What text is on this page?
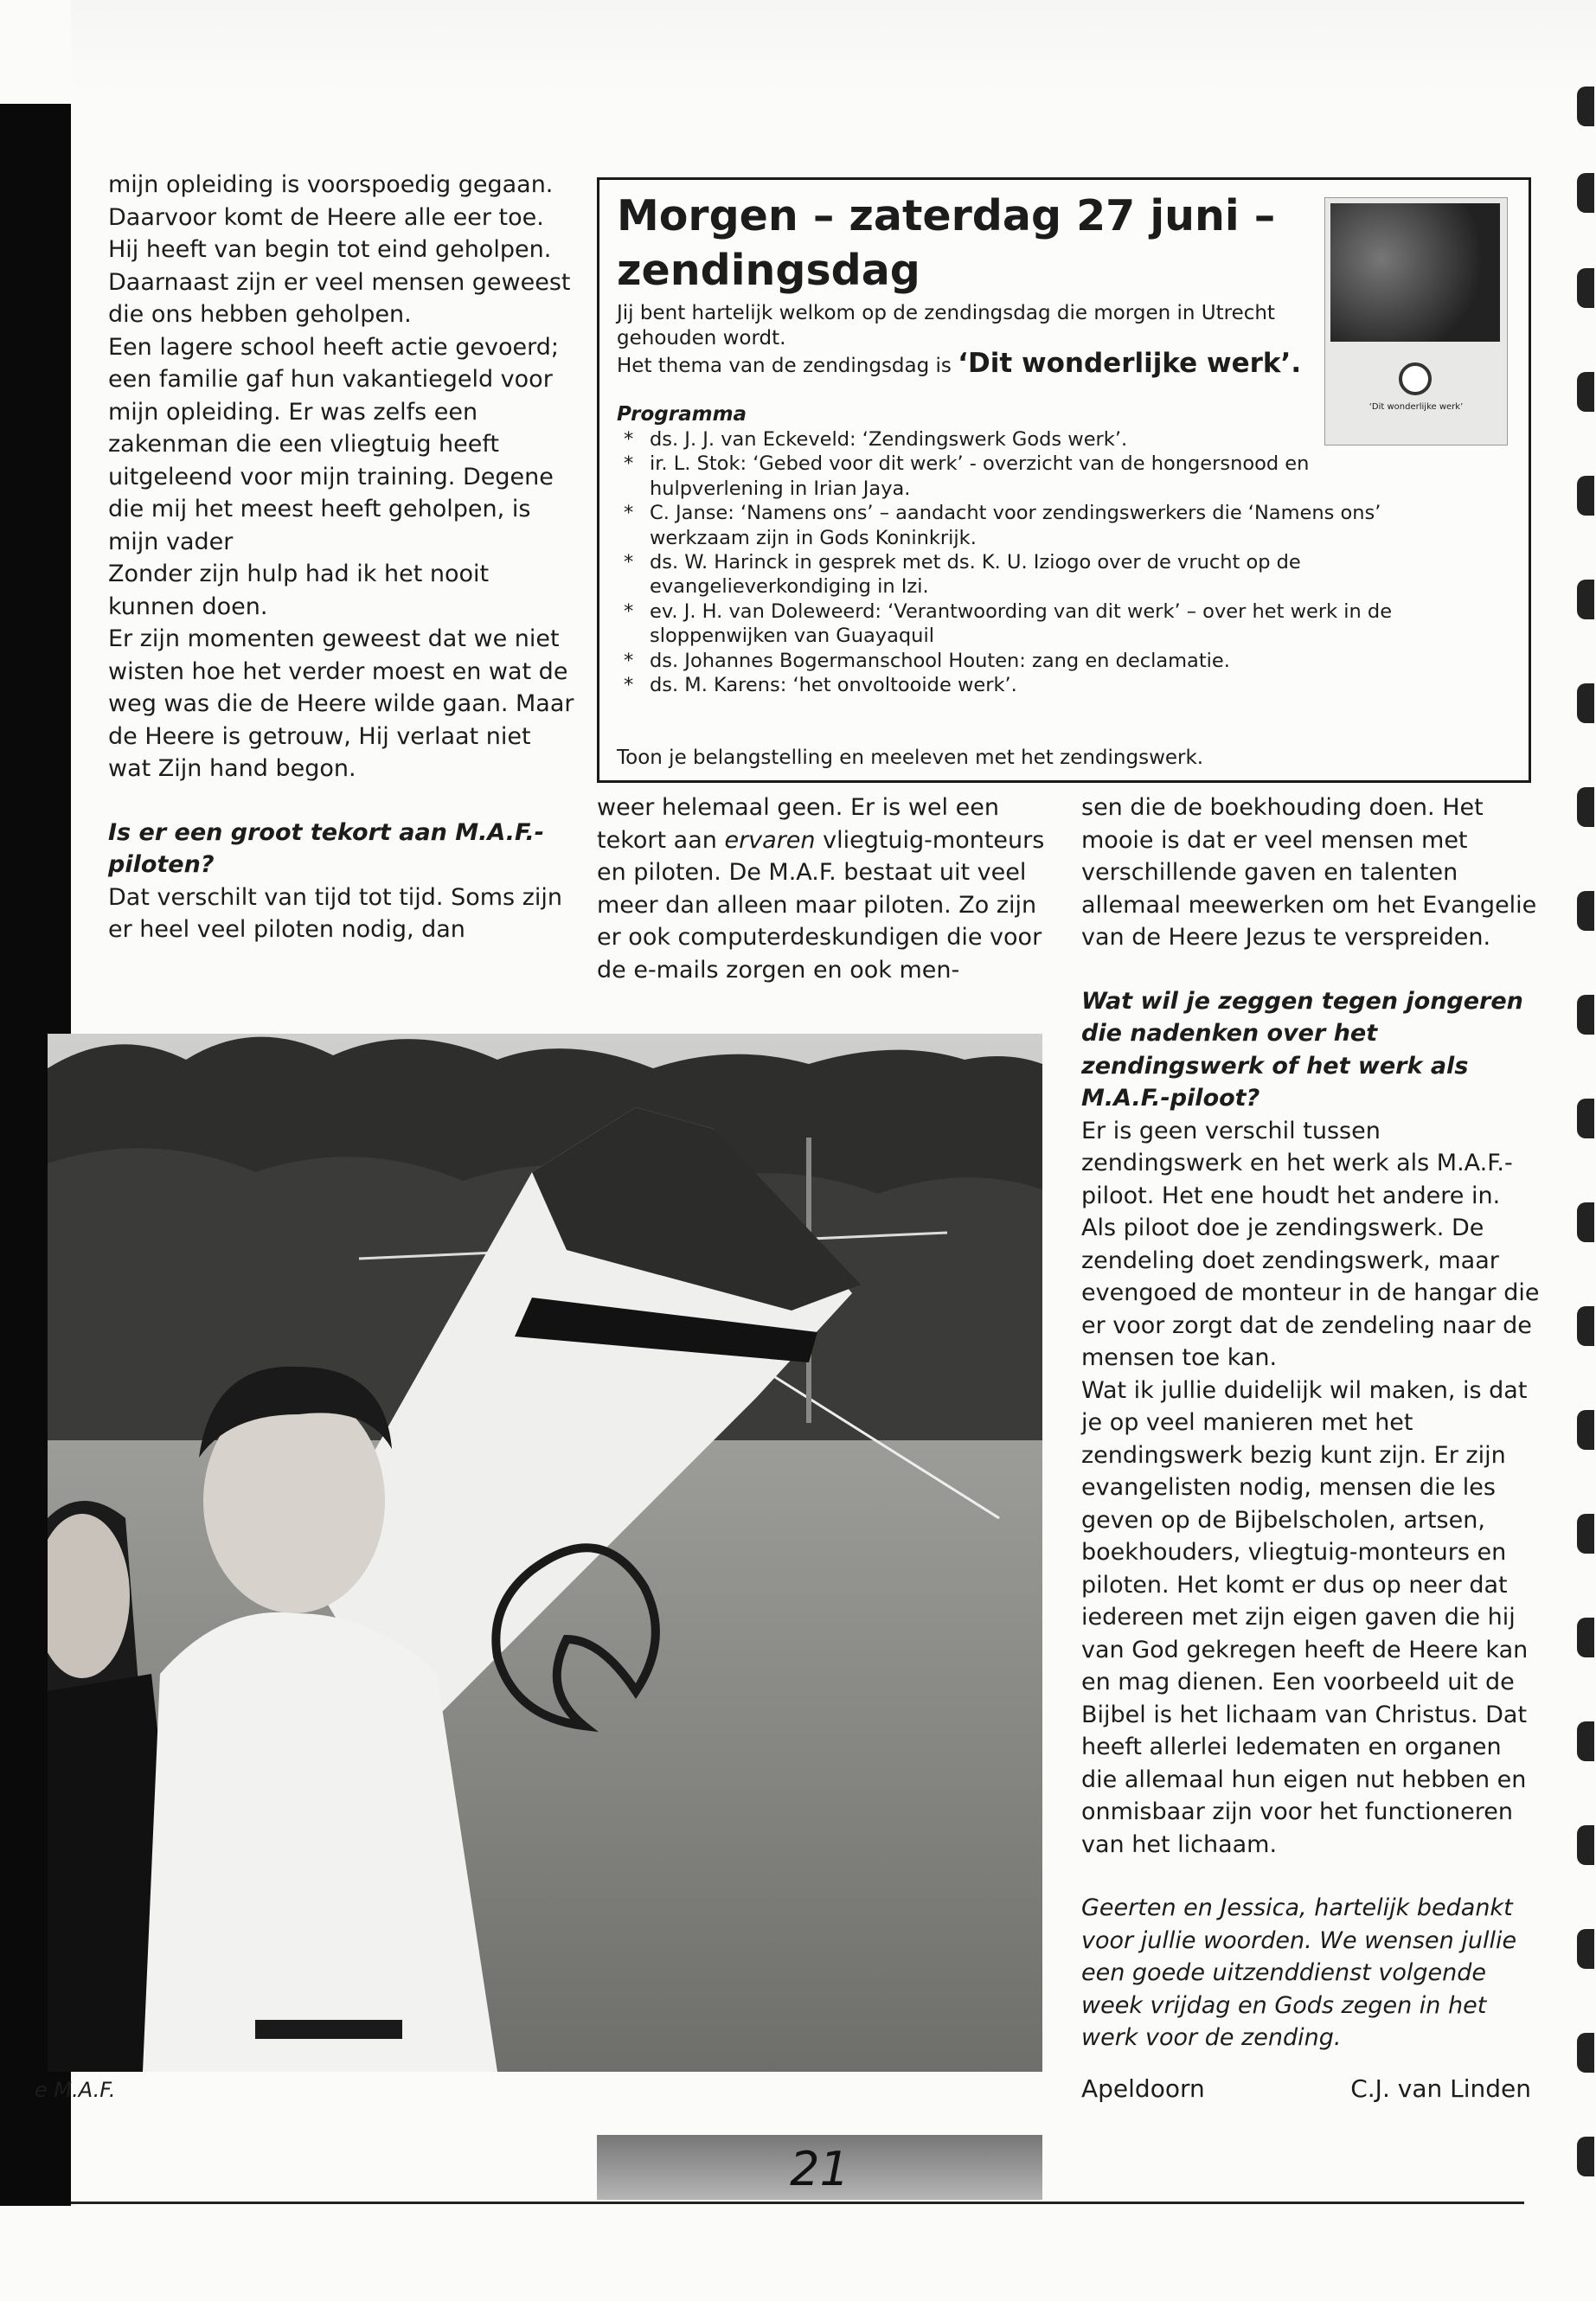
mijn opleiding is voorspoedig gegaan. Daarvoor komt de Heere alle eer toe. Hij heeft van begin tot eind geholpen. Daarnaast zijn er veel mensen geweest die ons hebben geholpen.

Een lagere school heeft actie gevoerd; een familie gaf hun vakantiegeld voor mijn opleiding. Er was zelfs een zakenman die een vliegtuig heeft uitgeleend voor mijn training. Degene die mij het meest heeft geholpen, is mijn vader

Zonder zijn hulp had ik het nooit kunnen doen.

Er zijn momenten geweest dat we niet wisten hoe het verder moest en wat de weg was die de Heere wilde gaan. Maar de Heere is getrouw, Hij verlaat niet wat Zijn hand begon.

Is er een groot tekort aan M.A.F.-piloten?

Dat verschilt van tijd tot tijd. Soms zijn er heel veel piloten nodig, dan

Morgen – zaterdag 27 juni – zendingsdag
Jij bent hartelijk welkom op de zendingsdag die morgen in Utrecht gehouden wordt.
Het thema van de zendingsdag is ‘Dit wonderlijke werk’.
Programma
* ds. J. J. van Eckeveld: ‘Zendingswerk Gods werk’.
* ir. L. Stok: ‘Gebed voor dit werk’ - overzicht van de hongersnood en hulpverlening in Irian Jaya.
* C. Janse: ‘Namens ons’ – aandacht voor zendingswerkers die ‘Namens ons’ werkzaam zijn in Gods Koninkrijk.
* ds. W. Harinck in gesprek met ds. K. U. Iziogo over de vrucht op de evangelieverkondiging in Izi.
* ev. J. H. van Doleweerd: ‘Verantwoording van dit werk’ – over het werk in de sloppenwijken van Guayaquil
* ds. Johannes Bogermanschool Houten: zang en declamatie.
* ds. M. Karens: ‘het onvoltooide werk’.
Toon je belangstelling en meeleven met het zendingswerk.
‘Dit wonderlijke werk’

weer helemaal geen. Er is wel een tekort aan ervaren vliegtuig-monteurs en piloten. De M.A.F. bestaat uit veel meer dan alleen maar piloten. Zo zijn er ook computerdeskundigen die voor de e-mails zorgen en ook men-

sen die de boekhouding doen. Het mooie is dat er veel mensen met verschillende gaven en talenten allemaal meewerken om het Evangelie van de Heere Jezus te verspreiden.

Wat wil je zeggen tegen jongeren die nadenken over het zendingswerk of het werk als M.A.F.-piloot?

Er is geen verschil tussen zendingswerk en het werk als M.A.F.-piloot. Het ene houdt het andere in. Als piloot doe je zendingswerk. De zendeling doet zendingswerk, maar evengoed de monteur in de hangar die er voor zorgt dat de zendeling naar de mensen toe kan.

Wat ik jullie duidelijk wil maken, is dat je op veel manieren met het zendingswerk bezig kunt zijn. Er zijn evangelisten nodig, mensen die les geven op de Bijbelscholen, artsen, boekhouders, vliegtuig-monteurs en piloten. Het komt er dus op neer dat iedereen met zijn eigen gaven die hij van God gekregen heeft de Heere kan en mag dienen. Een voorbeeld uit de Bijbel is het lichaam van Christus. Dat heeft allerlei ledematen en organen die allemaal hun eigen nut hebben en onmisbaar zijn voor het functioneren van het lichaam.

Geerten en Jessica, hartelijk bedankt voor jullie woorden. We wensen jullie een goede uitzenddienst volgende week vrijdag en Gods zegen in het werk voor de zending.

e M.A.F.	Apeldoorn	C.J. van Linden
21
